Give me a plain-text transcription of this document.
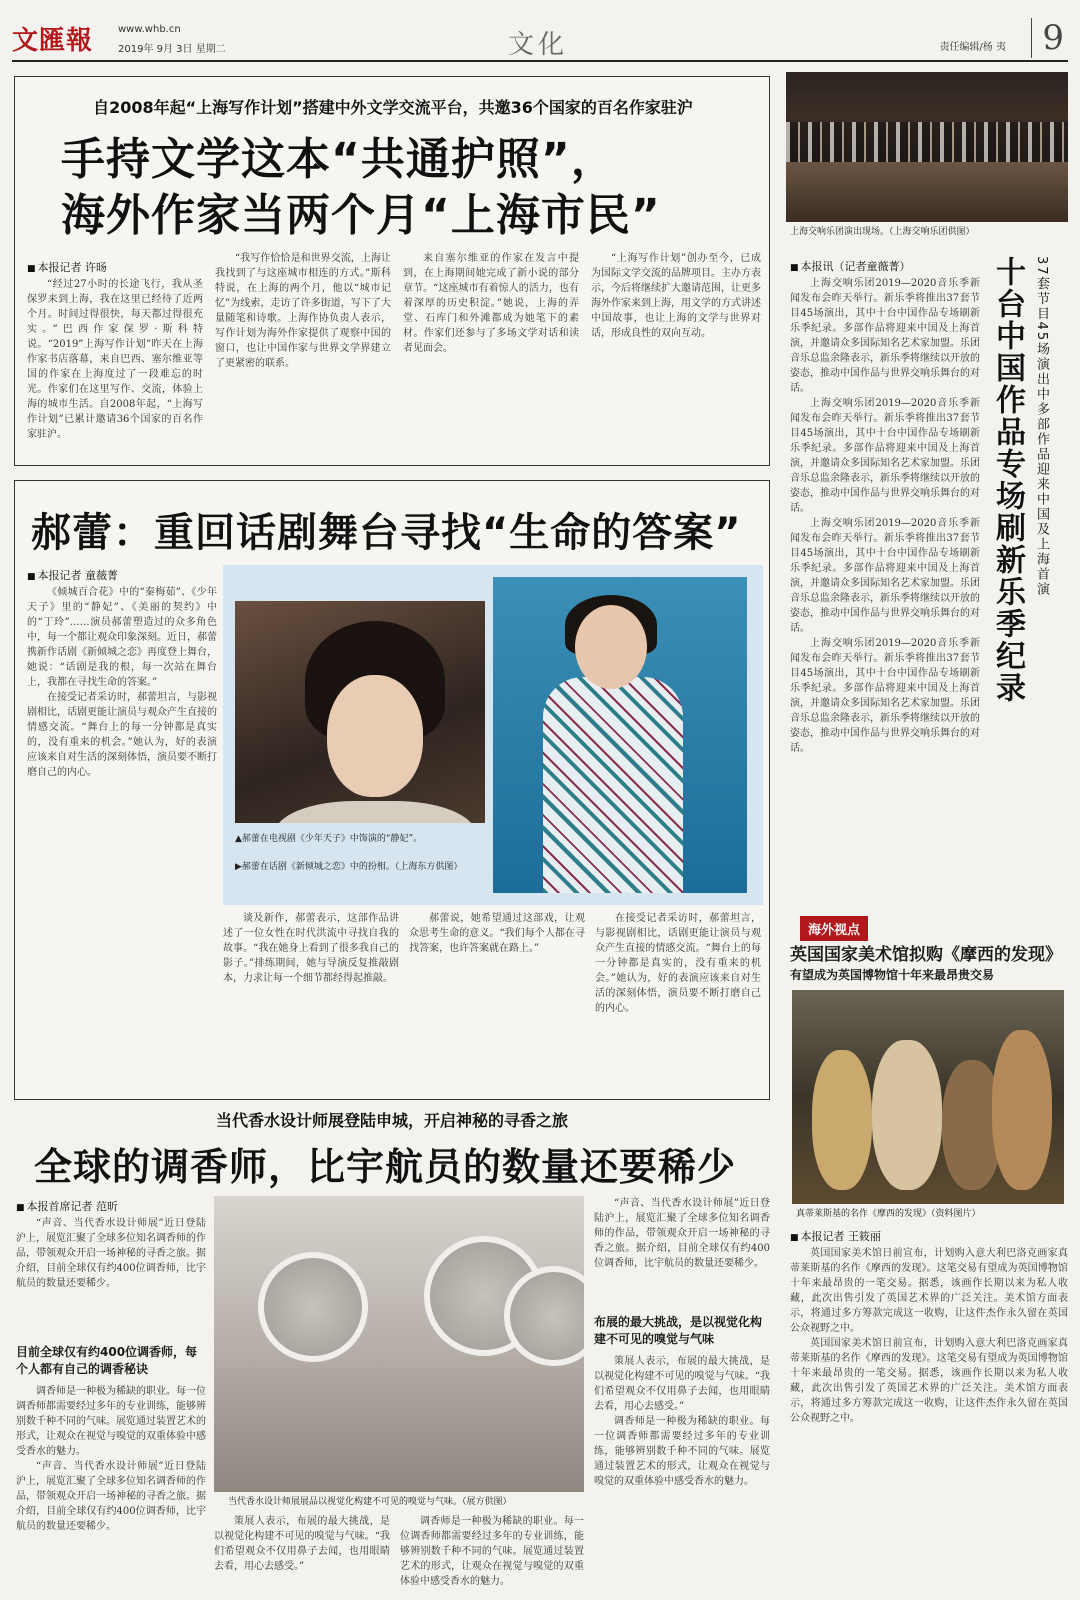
文匯報 www.whb.cn
2019年 9月 3日 星期二	文化	责任编辑/杨 夷	9
自2008年起“上海写作计划”搭建中外文学交流平台，共邀36个国家的百名作家驻沪
手持文学这本“共通护照”，
海外作家当两个月“上海市民”
■ 本报记者 许旸

“经过27小时的长途飞行，我从圣保罗来到上海，我在这里已经待了近两个月。时间过得很快，每天都过得很充实。”巴西作家保罗·斯科特说。“2019”上海写作计划”昨天在上海作家书店落幕，来自巴西、塞尔维亚等国的作家在上海度过了一段难忘的时光。作家们在这里写作、交流，体验上海的城市生活。自2008年起，“上海写作计划”已累计邀请36个国家的百名作家驻沪。

“我写作恰恰是和世界交流，上海让我找到了与这座城市相连的方式。”斯科特说，在上海的两个月，他以“城市记忆”为线索，走访了许多街道，写下了大量随笔和诗歌。上海作协负责人表示，写作计划为海外作家提供了观察中国的窗口，也让中国作家与世界文学界建立了更紧密的联系。

来自塞尔维亚的作家在发言中提到，在上海期间她完成了新小说的部分章节。“这座城市有着惊人的活力，也有着深厚的历史积淀。”她说，上海的弄堂、石库门和外滩都成为她笔下的素材。作家们还参与了多场文学对话和读者见面会。

“上海写作计划”创办至今，已成为国际文学交流的品牌项目。主办方表示，今后将继续扩大邀请范围，让更多海外作家来到上海，用文学的方式讲述中国故事，也让上海的文学与世界对话，形成良性的双向互动。

郝蕾：重回话剧舞台寻找“生命的答案”
■ 本报记者 童薇菁

《倾城百合花》中的“秦梅茹”、《少年天子》里的“静妃”、《美丽的契约》中的“丁玲”……演员郝蕾塑造过的众多角色中，每一个都让观众印象深刻。近日，郝蕾携新作话剧《新倾城之恋》再度登上舞台，她说：“话剧是我的根，每一次站在舞台上，我都在寻找生命的答案。”

在接受记者采访时，郝蕾坦言，与影视剧相比，话剧更能让演员与观众产生直接的情感交流。“舞台上的每一分钟都是真实的，没有重来的机会。”她认为，好的表演应该来自对生活的深刻体悟，演员要不断打磨自己的内心。

▲郝蕾在电视剧《少年天子》中饰演的“静妃”。
▶郝蕾在话剧《新倾城之恋》中的扮相。（上海东方供图）

谈及新作，郝蕾表示，这部作品讲述了一位女性在时代洪流中寻找自我的故事。“我在她身上看到了很多我自己的影子。”排练期间，她与导演反复推敲剧本，力求让每一个细节都经得起推敲。

郝蕾说，她希望通过这部戏，让观众思考生命的意义。“我们每个人都在寻找答案，也许答案就在路上。”

在接受记者采访时，郝蕾坦言，与影视剧相比，话剧更能让演员与观众产生直接的情感交流。“舞台上的每一分钟都是真实的，没有重来的机会。”她认为，好的表演应该来自对生活的深刻体悟，演员要不断打磨自己的内心。

当代香水设计师展登陆申城，开启神秘的寻香之旅
全球的调香师，比宇航员的数量还要稀少
■ 本报首席记者 范昕

“声音、当代香水设计师展”近日登陆沪上，展览汇聚了全球多位知名调香师的作品，带领观众开启一场神秘的寻香之旅。据介绍，目前全球仅有约400位调香师，比宇航员的数量还要稀少。

目前全球仅有约400位调香师，每个人都有自己的调香秘诀

调香师是一种极为稀缺的职业。每一位调香师都需要经过多年的专业训练，能够辨别数千种不同的气味。展览通过装置艺术的形式，让观众在视觉与嗅觉的双重体验中感受香水的魅力。

“声音、当代香水设计师展”近日登陆沪上，展览汇聚了全球多位知名调香师的作品，带领观众开启一场神秘的寻香之旅。据介绍，目前全球仅有约400位调香师，比宇航员的数量还要稀少。

当代香水设计师展展品以视觉化构建不可见的嗅觉与气味。（展方供图）

策展人表示，布展的最大挑战，是以视觉化构建不可见的嗅觉与气味。“我们希望观众不仅用鼻子去闻，也用眼睛去看，用心去感受。”

调香师是一种极为稀缺的职业。每一位调香师都需要经过多年的专业训练，能够辨别数千种不同的气味。展览通过装置艺术的形式，让观众在视觉与嗅觉的双重体验中感受香水的魅力。

“声音、当代香水设计师展”近日登陆沪上，展览汇聚了全球多位知名调香师的作品，带领观众开启一场神秘的寻香之旅。据介绍，目前全球仅有约400位调香师，比宇航员的数量还要稀少。

布展的最大挑战，是以视觉化构建不可见的嗅觉与气味

策展人表示，布展的最大挑战，是以视觉化构建不可见的嗅觉与气味。“我们希望观众不仅用鼻子去闻，也用眼睛去看，用心去感受。”

调香师是一种极为稀缺的职业。每一位调香师都需要经过多年的专业训练，能够辨别数千种不同的气味。展览通过装置艺术的形式，让观众在视觉与嗅觉的双重体验中感受香水的魅力。

上海交响乐团演出现场。（上海交响乐团供图）
十台中国作品专场刷新乐季纪录 37套节目45场演出中多部作品迎来中国及上海首演
■ 本报讯（记者童薇菁）

上海交响乐团2019—2020音乐季新闻发布会昨天举行。新乐季将推出37套节目45场演出，其中十台中国作品专场刷新乐季纪录。多部作品将迎来中国及上海首演，并邀请众多国际知名艺术家加盟。乐团音乐总监余隆表示，新乐季将继续以开放的姿态，推动中国作品与世界交响乐舞台的对话。

上海交响乐团2019—2020音乐季新闻发布会昨天举行。新乐季将推出37套节目45场演出，其中十台中国作品专场刷新乐季纪录。多部作品将迎来中国及上海首演，并邀请众多国际知名艺术家加盟。乐团音乐总监余隆表示，新乐季将继续以开放的姿态，推动中国作品与世界交响乐舞台的对话。

上海交响乐团2019—2020音乐季新闻发布会昨天举行。新乐季将推出37套节目45场演出，其中十台中国作品专场刷新乐季纪录。多部作品将迎来中国及上海首演，并邀请众多国际知名艺术家加盟。乐团音乐总监余隆表示，新乐季将继续以开放的姿态，推动中国作品与世界交响乐舞台的对话。

上海交响乐团2019—2020音乐季新闻发布会昨天举行。新乐季将推出37套节目45场演出，其中十台中国作品专场刷新乐季纪录。多部作品将迎来中国及上海首演，并邀请众多国际知名艺术家加盟。乐团音乐总监余隆表示，新乐季将继续以开放的姿态，推动中国作品与世界交响乐舞台的对话。

海外视点
英国国家美术馆拟购《摩西的发现》
有望成为英国博物馆十年来最昂贵交易
真蒂莱斯基的名作《摩西的发现》（资料图片）
■ 本报记者 王筱丽

英国国家美术馆日前宣布，计划购入意大利巴洛克画家真蒂莱斯基的名作《摩西的发现》。这笔交易有望成为英国博物馆十年来最昂贵的一笔交易。据悉，该画作长期以来为私人收藏，此次出售引发了英国艺术界的广泛关注。美术馆方面表示，将通过多方筹款完成这一收购，让这件杰作永久留在英国公众视野之中。

英国国家美术馆日前宣布，计划购入意大利巴洛克画家真蒂莱斯基的名作《摩西的发现》。这笔交易有望成为英国博物馆十年来最昂贵的一笔交易。据悉，该画作长期以来为私人收藏，此次出售引发了英国艺术界的广泛关注。美术馆方面表示，将通过多方筹款完成这一收购，让这件杰作永久留在英国公众视野之中。
